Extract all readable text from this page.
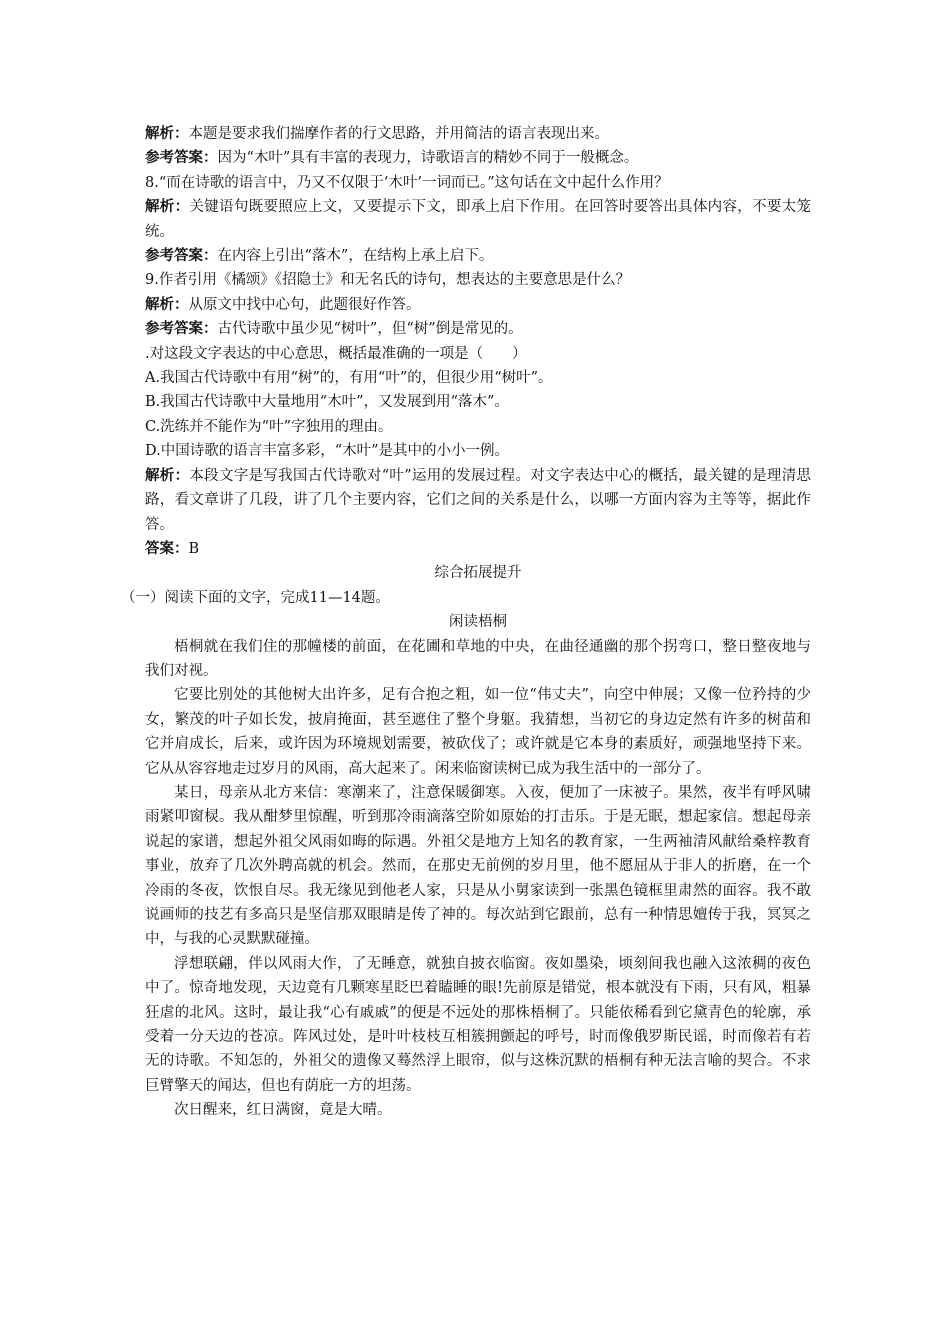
解析：本题是要求我们揣摩作者的行文思路，并用简洁的语言表现出来。

参考答案：因为“木叶”具有丰富的表现力，诗歌语言的精妙不同于一般概念。

8.“而在诗歌的语言中，乃又不仅限于‘木叶’一词而已。”这句话在文中起什么作用？

解析：关键语句既要照应上文，又要提示下文，即承上启下作用。在回答时要答出具体内容，不要太笼统。

参考答案：在内容上引出“落木”，在结构上承上启下。

9.作者引用《橘颂》《招隐士》和无名氏的诗句，想表达的主要意思是什么？

解析：从原文中找中心句，此题很好作答。

参考答案：古代诗歌中虽少见“树叶”，但“树”倒是常见的。

.对这段文字表达的中心意思，概括最准确的一项是（　　）

A.我国古代诗歌中有用“树”的，有用“叶”的，但很少用“树叶”。

B.我国古代诗歌中大量地用“木叶”，又发展到用“落木”。

C.洗练并不能作为“叶”字独用的理由。

D.中国诗歌的语言丰富多彩，“木叶”是其中的小小一例。

解析：本段文字是写我国古代诗歌对“叶”运用的发展过程。对文字表达中心的概括，最关键的是理清思路，看文章讲了几段，讲了几个主要内容，它们之间的关系是什么，以哪一方面内容为主等等，据此作答。

答案：B

综合拓展提升

（一）阅读下面的文字，完成11—14题。

闲读梧桐

梧桐就在我们住的那幢楼的前面，在花圃和草地的中央，在曲径通幽的那个拐弯口，整日整夜地与我们对视。

它要比别处的其他树大出许多，足有合抱之粗，如一位“伟丈夫”，向空中伸展；又像一位矜持的少女，繁茂的叶子如长发，披肩掩面，甚至遮住了整个身躯。我猜想，当初它的身边定然有许多的树苗和它并肩成长，后来，或许因为环境规划需要，被砍伐了；或许就是它本身的素质好，顽强地坚持下来。它从从容容地走过岁月的风雨，高大起来了。闲来临窗读树已成为我生活中的一部分了。

某日，母亲从北方来信：寒潮来了，注意保暖御寒。入夜，便加了一床被子。果然，夜半有呼风啸雨紧叩窗棂。我从酣梦里惊醒，听到那冷雨滴落空阶如原始的打击乐。于是无眠，想起家信。想起母亲说起的家谱，想起外祖父风雨如晦的际遇。外祖父是地方上知名的教育家，一生两袖清风献给桑梓教育事业，放弃了几次外聘高就的机会。然而，在那史无前例的岁月里，他不愿屈从于非人的折磨，在一个冷雨的冬夜，饮恨自尽。我无缘见到他老人家，只是从小舅家读到一张黑色镜框里肃然的面容。我不敢说画师的技艺有多高只是坚信那双眼睛是传了神的。每次站到它跟前，总有一种情思嬗传于我，冥冥之中，与我的心灵默默碰撞。

浮想联翩，伴以风雨大作，了无睡意，就独自披衣临窗。夜如墨染，顷刻间我也融入这浓稠的夜色中了。惊奇地发现，天边竟有几颗寒星眨巴着瞌睡的眼!先前原是错觉，根本就没有下雨，只有风，粗暴狂虐的北风。这时，最让我“心有戚戚”的便是不远处的那株梧桐了。只能依稀看到它黛青色的轮廓，承受着一分天边的苍凉。阵风过处，是叶叶枝枝互相簇拥颤起的呼号，时而像俄罗斯民谣，时而像若有若无的诗歌。不知怎的，外祖父的遗像又蓦然浮上眼帘，似与这株沉默的梧桐有种无法言喻的契合。不求巨臂擎天的闻达，但也有荫庇一方的坦荡。

次日醒来，红日满窗，竟是大晴。
